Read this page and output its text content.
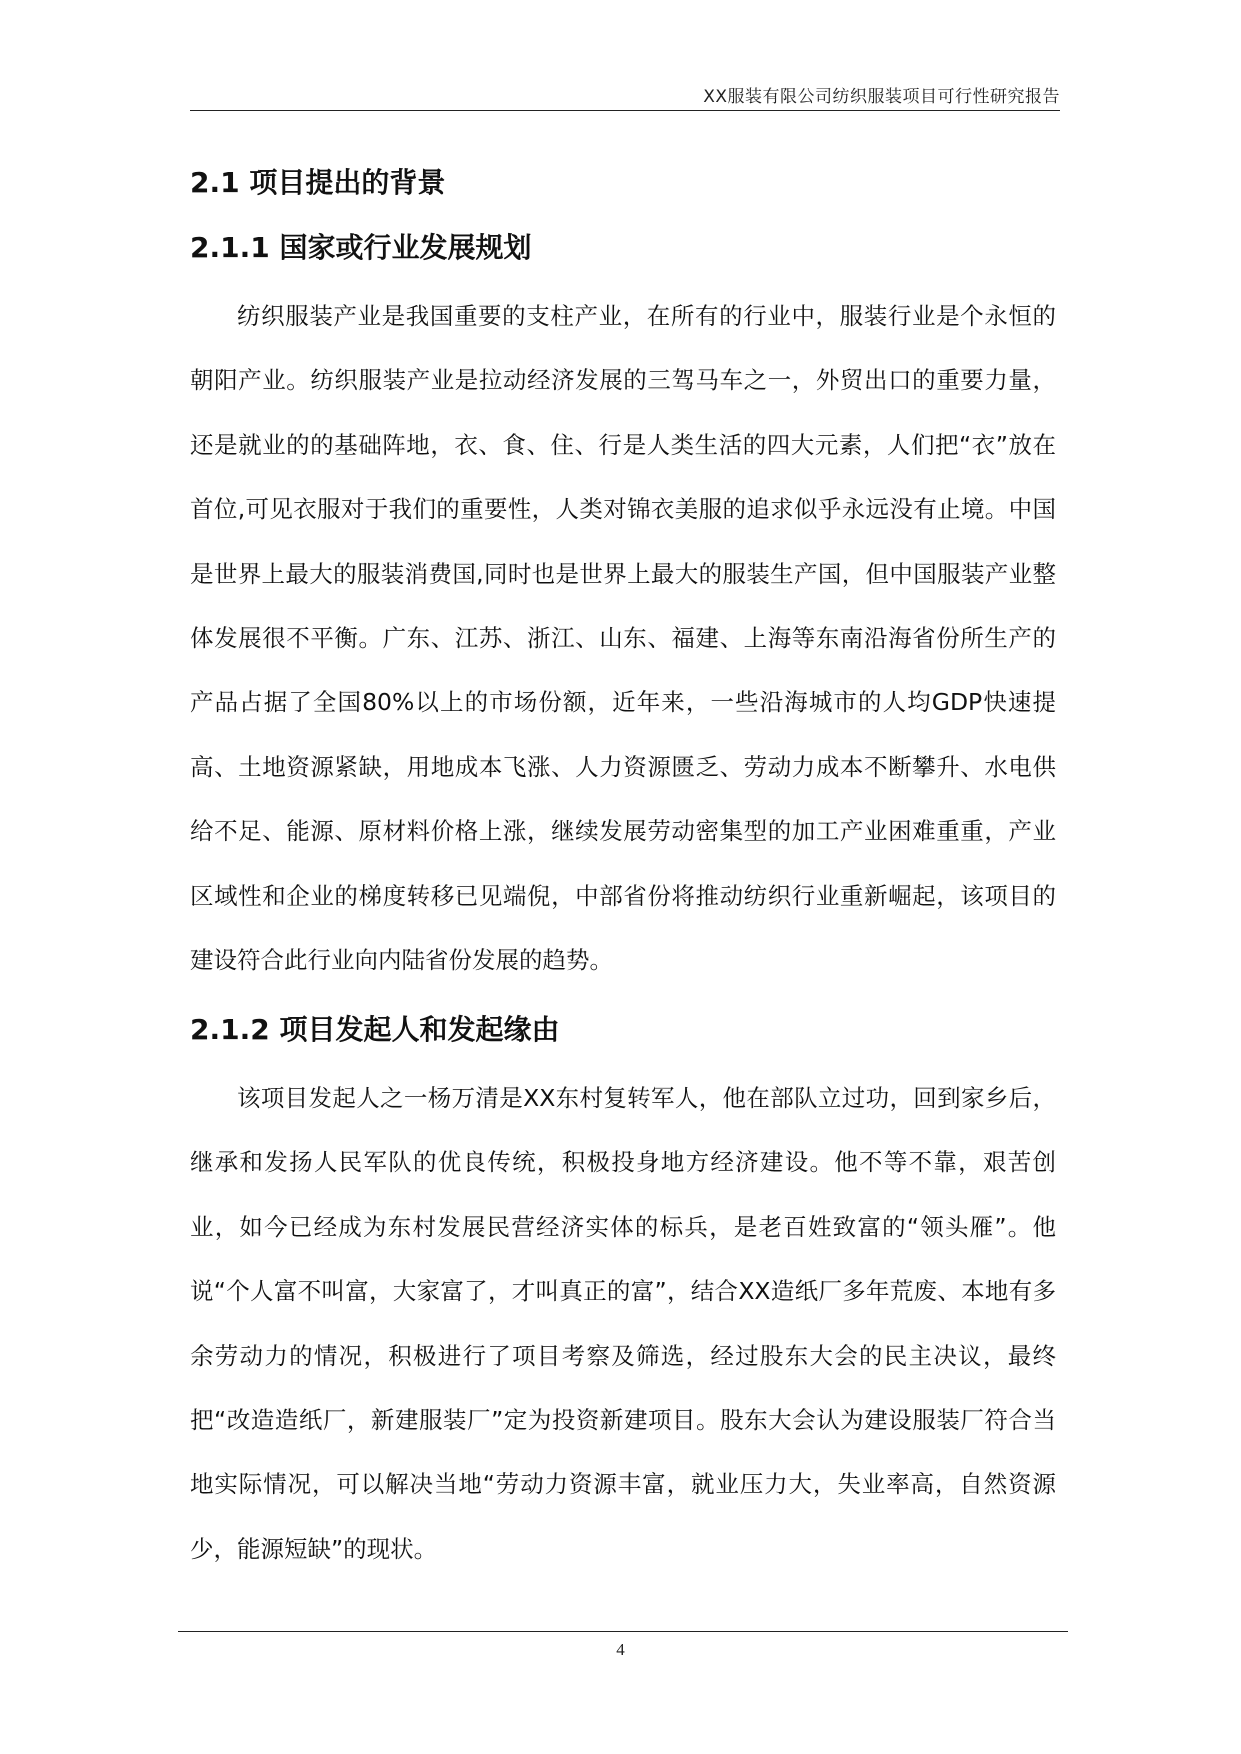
XX服装有限公司纺织服装项目可行性研究报告
2.1 项目提出的背景
2.1.1 国家或行业发展规划

纺织服装产业是我国重要的支柱产业，在所有的行业中，服装行业是个永恒的朝阳产业。纺织服装产业是拉动经济发展的三驾马车之一，外贸出口的重要力量，还是就业的的基础阵地，衣、食、住、行是人类生活的四大元素，人们把“衣”放在首位,可见衣服对于我们的重要性，人类对锦衣美服的追求似乎永远没有止境。中国是世界上最大的服装消费国,同时也是世界上最大的服装生产国，但中国服装产业整体发展很不平衡。广东、江苏、浙江、山东、福建、上海等东南沿海省份所生产的产品占据了全国80%以上的市场份额，近年来，一些沿海城市的人均GDP快速提高、土地资源紧缺，用地成本飞涨、人力资源匮乏、劳动力成本不断攀升、水电供给不足、能源、原材料价格上涨，继续发展劳动密集型的加工产业困难重重，产业区域性和企业的梯度转移已见端倪，中部省份将推动纺织行业重新崛起，该项目的建设符合此行业向内陆省份发展的趋势。

2.1.2 项目发起人和发起缘由

该项目发起人之一杨万清是XX东村复转军人，他在部队立过功，回到家乡后，继承和发扬人民军队的优良传统，积极投身地方经济建设。他不等不靠，艰苦创业，如今已经成为东村发展民营经济实体的标兵，是老百姓致富的“领头雁”。他说“个人富不叫富，大家富了，才叫真正的富”，结合XX造纸厂多年荒废、本地有多余劳动力的情况，积极进行了项目考察及筛选，经过股东大会的民主决议，最终把“改造造纸厂，新建服装厂”定为投资新建项目。股东大会认为建设服装厂符合当地实际情况，可以解决当地“劳动力资源丰富，就业压力大，失业率高，自然资源少，能源短缺”的现状。

4
